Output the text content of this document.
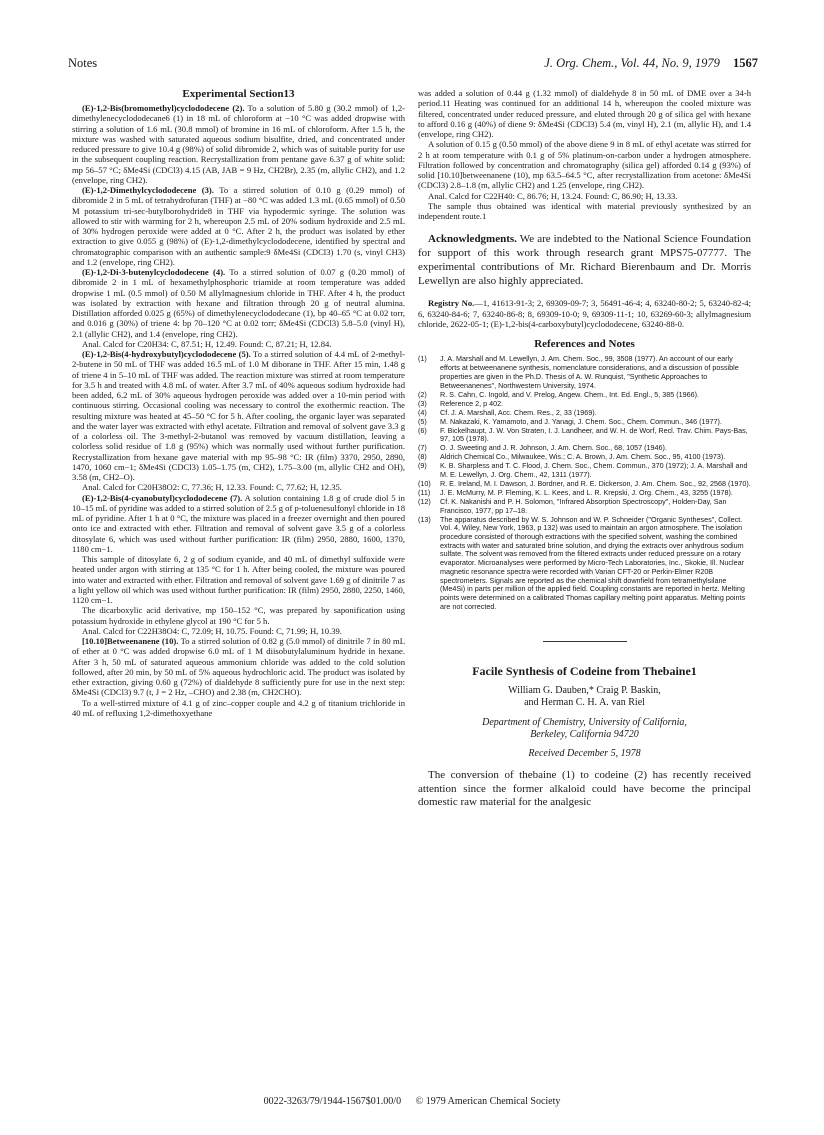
Notes	J. Org. Chem., Vol. 44, No. 9, 1979 1567
Experimental Section13

(E)-1,2-Bis(bromomethyl)cyclododecene (2). To a solution of 5.80 g (30.2 mmol) of 1,2-dimethylenecyclododecane6 (1) in 18 mL of chloroform at −10 °C was added dropwise with stirring a solution of 1.6 mL (30.8 mmol) of bromine in 16 mL of chloroform. After 1.5 h, the mixture was washed with saturated aqueous sodium bisulfite, dried, and concentrated under reduced pressure to give 10.4 g (98%) of solid dibromide 2, which was of suitable purity for use in the subsequent coupling reaction. Recrystallization from pentane gave 6.37 g of white solid: mp 56–57 °C; δMe4Si (CDCl3) 4.15 (AB, JAB = 9 Hz, CH2Br), 2.35 (m, allylic CH2), and 1.2 (envelope, ring CH2).

(E)-1,2-Dimethylcyclododecene (3). To a stirred solution of 0.10 g (0.29 mmol) of dibromide 2 in 5 mL of tetrahydrofuran (THF) at −80 °C was added 1.3 mL (0.65 mmol) of 0.50 M potassium tri-sec-butylborohydride8 in THF via hypodermic syringe. The solution was allowed to stir with warming for 2 h, whereupon 2.5 mL of 20% sodium hydroxide and 2.5 mL of 30% hydrogen peroxide were added at 0 °C. After 2 h, the product was isolated by ether extraction to give 0.055 g (98%) of (E)-1,2-dimethylcyclododecene, identified by spectral and chromatographic comparison with an authentic sample:9 δMe4Si (CDCl3) 1.70 (s, vinyl CH3) and 1.2 (envelope, ring CH2).

(E)-1,2-Di-3-butenylcyclododecene (4). To a stirred solution of 0.07 g (0.20 mmol) of dibromide 2 in 1 mL of hexamethylphosphoric triamide at room temperature was added dropwise 1 mL (0.5 mmol) of 0.50 M allylmagnesium chloride in THF. After 4 h, the product was isolated by extraction with hexane and filtration through 20 g of neutral alumina. Distillation afforded 0.025 g (65%) of dimethylenecyclododecane (1), bp 40–65 °C at 0.02 torr, and 0.016 g (30%) of triene 4: bp 70–120 °C at 0.02 torr; δMe4Si (CDCl3) 5.8–5.0 (vinyl H), 2.1 (allylic CH2), and 1.4 (envelope, ring CH2).

Anal. Calcd for C20H34: C, 87.51; H, 12.49. Found: C, 87.21; H, 12.84.

(E)-1,2-Bis(4-hydroxybutyl)cyclododecene (5). To a stirred solution of 4.4 mL of 2-methyl-2-butene in 50 mL of THF was added 16.5 mL of 1.0 M diborane in THF. After 15 min, 1.48 g of triene 4 in 5–10 mL of THF was added. The reaction mixture was stirred at room temperature for 3.5 h and treated with 4.8 mL of water. After 3.7 mL of 40% aqueous sodium hydroxide had been added, 6.2 mL of 30% aqueous hydrogen peroxide was added over a 10-min period with continuous stirring. Occasional cooling was necessary to control the exothermic reaction. The resulting mixture was heated at 45–50 °C for 5 h. After cooling, the organic layer was separated and the water layer was extracted with ethyl acetate. Filtration and removal of solvent gave 3.3 g of a colorless oil. The 3-methyl-2-butanol was removed by vacuum distillation, leaving a colorless solid residue of 1.8 g (95%) which was normally used without further purification. Recrystallization from hexane gave material with mp 95–98 °C: IR (film) 3370, 2950, 2890, 1470, 1060 cm−1; δMe4Si (CDCl3) 1.05–1.75 (m, CH2), 1.75–3.00 (m, allylic CH2 and OH), 3.58 (m, CH2–O).

Anal. Calcd for C20H38O2: C, 77.36; H, 12.33. Found: C, 77.62; H, 12.35.

(E)-1,2-Bis(4-cyanobutyl)cyclododecene (7). A solution containing 1.8 g of crude diol 5 in 10–15 mL of pyridine was added to a stirred solution of 2.5 g of p-toluenesulfonyl chloride in 18 mL of pyridine. After 1 h at 0 °C, the mixture was placed in a freezer overnight and then poured onto ice and extracted with ether. Filtration and removal of solvent gave 3.5 g of a colorless ditosylate 6, which was used without further purification: IR (film) 2950, 2880, 1600, 1370, 1180 cm−1.

This sample of ditosylate 6, 2 g of sodium cyanide, and 40 mL of dimethyl sulfoxide were heated under argon with stirring at 135 °C for 1 h. After being cooled, the mixture was poured into water and extracted with ether. Filtration and removal of solvent gave 1.69 g of dinitrile 7 as a light yellow oil which was used without further purification: IR (film) 2950, 2880, 2250, 1460, 1120 cm−1.

The dicarboxylic acid derivative, mp 150–152 °C, was prepared by saponification using potassium hydroxide in ethylene glycol at 190 °C for 5 h.

Anal. Calcd for C22H38O4: C, 72.09; H, 10.75. Found: C, 71.99; H, 10.39.

[10.10]Betweenanene (10). To a stirred solution of 0.82 g (5.0 mmol) of dinitrile 7 in 80 mL of ether at 0 °C was added dropwise 6.0 mL of 1 M diisobutylaluminum hydride in hexane. After 3 h, 50 mL of saturated aqueous ammonium chloride was added to the cold solution followed, after 20 min, by 50 mL of 5% aqueous hydrochloric acid. The product was isolated by ether extraction, giving 0.60 g (72%) of dialdehyde 8 sufficiently pure for use in the next step: δMe4Si (CDCl3) 9.7 (t, J = 2 Hz, –CHO) and 2.38 (m, CH2CHO).

To a well-stirred mixture of 4.1 g of zinc–copper couple and 4.2 g of titanium trichloride in 40 mL of refluxing 1,2-dimethoxyethane

was added a solution of 0.44 g (1.32 mmol) of dialdehyde 8 in 50 mL of DME over a 34-h period.11 Heating was continued for an additional 14 h, whereupon the cooled mixture was filtered, concentrated under reduced pressure, and eluted through 20 g of silica gel with hexane to afford 0.16 g (40%) of diene 9: δMe4Si (CDCl3) 5.4 (m, vinyl H), 2.1 (m, allylic H), and 1.4 (envelope, ring CH2).

A solution of 0.15 g (0.50 mmol) of the above diene 9 in 8 mL of ethyl acetate was stirred for 2 h at room temperature with 0.1 g of 5% platinum-on-carbon under a hydrogen atmosphere. Filtration followed by concentration and chromatography (silica gel) afforded 0.14 g (93%) of solid [10.10]betweenanene (10), mp 63.5–64.5 °C, after recrystallization from acetone: δMe4Si (CDCl3) 2.8–1.8 (m, allylic CH2) and 1.25 (envelope, ring CH2).

Anal. Calcd for C22H40: C, 86.76; H, 13.24. Found: C, 86.90; H, 13.33.

The sample thus obtained was identical with material previously synthesized by an independent route.1

Acknowledgments. We are indebted to the National Science Foundation for support of this work through research grant MPS75-07777. The experimental contributions of Mr. Richard Bierenbaum and Dr. Morris Lewellyn are also highly appreciated.

Registry No.—1, 41613-91-3; 2, 69309-09-7; 3, 56491-46-4; 4, 63240-80-2; 5, 63240-82-4; 6, 63240-84-6; 7, 63240-86-8; 8, 69309-10-0; 9, 69309-11-1; 10, 63269-60-3; allylmagnesium chloride, 2622-05-1; (E)-1,2-bis(4-carboxybutyl)cyclododecene, 63240-88-0.

References and Notes
(1) J. A. Marshall and M. Lewellyn, J. Am. Chem. Soc., 99, 3508 (1977). An account of our early efforts at betweenanene synthesis, nomenclature considerations, and a discussion of possible properties are given in the Ph.D. Thesis of A. W. Runquist, "Synthetic Approaches to Betweenanenes", Northwestern University, 1974.
(2) R. S. Cahn, C. Ingold, and V. Prelog, Angew. Chem., Int. Ed. Engl., 5, 385 (1966).
(3) Reference 2, p 402.
(4) Cf. J. A. Marshall, Acc. Chem. Res., 2, 33 (1969).
(5) M. Nakazaki, K. Yamamoto, and J. Yanagi, J. Chem. Soc., Chem. Commun., 346 (1977).
(6) F. Bickelhaupt, J. W. Von Straten, I. J. Landheer, and W. H. de Worf, Recl. Trav. Chim. Pays-Bas, 97, 105 (1978).
(7) O. J. Sweeting and J. R. Johnson, J. Am. Chem. Soc., 68, 1057 (1946).
(8) Aldrich Chemical Co., Milwaukee, Wis.; C. A. Brown, J. Am. Chem. Soc., 95, 4100 (1973).
(9) K. B. Sharpless and T. C. Flood, J. Chem. Soc., Chem. Commun., 370 (1972); J. A. Marshall and M. E. Lewellyn, J. Org. Chem., 42, 1311 (1977).
(10) R. E. Ireland, M. I. Dawson, J. Bordner, and R. E. Dickerson, J. Am. Chem. Soc., 92, 2568 (1970).
(11) J. E. McMurry, M. P. Fleming, K. L. Kees, and L. R. Krepski, J. Org. Chem., 43, 3255 (1978).
(12) Cf. K. Nakanishi and P. H. Solomon, "Infrared Absorption Spectroscopy", Holden-Day, San Francisco, 1977, pp 17–18.
(13) The apparatus described by W. S. Johnson and W. P. Schneider ("Organic Syntheses", Collect. Vol. 4, Wiley, New York, 1963, p 132) was used to maintain an argon atmosphere. The isolation procedure consisted of thorough extractions with the specified solvent, washing the combined extracts with water and saturated brine solution, and drying the extracts over anhydrous sodium sulfate. The solvent was removed from the filtered extracts under reduced pressure on a rotary evaporator. Microanalyses were performed by Micro-Tech Laboratories, Inc., Skokie, Ill. Nuclear magnetic resonance spectra were recorded with Varian CFT-20 or Perkin-Elmer R20B spectrometers. Signals are reported as the chemical shift downfield from tetramethylsilane (Me4Si) in parts per million of the applied field. Coupling constants are reported in hertz. Melting points were determined on a calibrated Thomas capillary melting point apparatus. Melting points are not corrected.
Facile Synthesis of Codeine from Thebaine1
William G. Dauben,* Craig P. Baskin,
and Herman C. H. A. van Riel
Department of Chemistry, University of California,
Berkeley, California 94720
Received December 5, 1978

The conversion of thebaine (1) to codeine (2) has recently received attention since the former alkaloid could have become the principal domestic raw material for the analgesic

0022-3263/79/1944-1567$01.00/0 © 1979 American Chemical Society
